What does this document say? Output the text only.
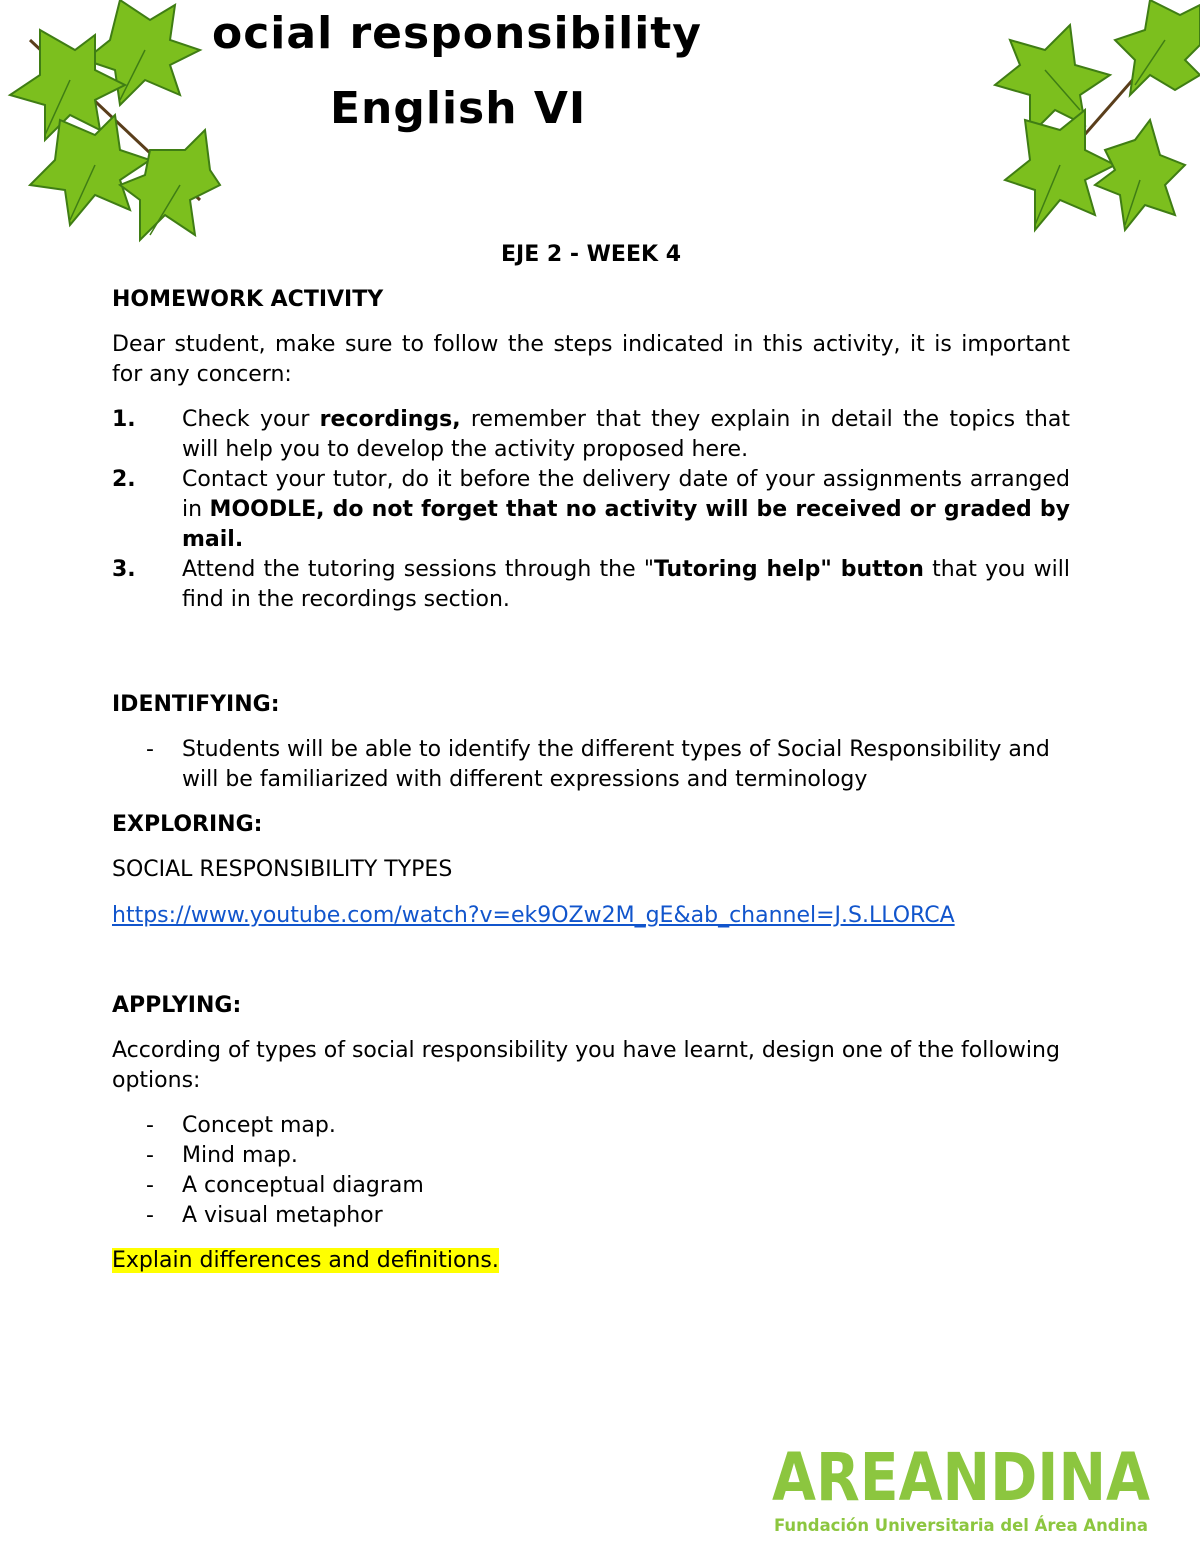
ocial responsibility
English VI

EJE 2 - WEEK 4

HOMEWORK ACTIVITY

Dear student, make sure to follow the steps indicated in this activity, it is important for any concern:

1. Check your recordings, remember that they explain in detail the topics that will help you to develop the activity proposed here.
2. Contact your tutor, do it before the delivery date of your assignments arranged in MOODLE, do not forget that no activity will be received or graded by mail.
3. Attend the tutoring sessions through the "Tutoring help" button that you will find in the recordings section.

IDENTIFYING:

- Students will be able to identify the different types of Social Responsibility and will be familiarized with different expressions and terminology

EXPLORING:

SOCIAL RESPONSIBILITY TYPES

https://www.youtube.com/watch?v=ek9OZw2M_gE&ab_channel=J.S.LLORCA

APPLYING:

According of types of social responsibility you have learnt, design one of the following options:

- Concept map.
- Mind map.
- A conceptual diagram
- A visual metaphor

Explain differences and definitions.

AREANDINA
Fundación Universitaria del Área Andina
